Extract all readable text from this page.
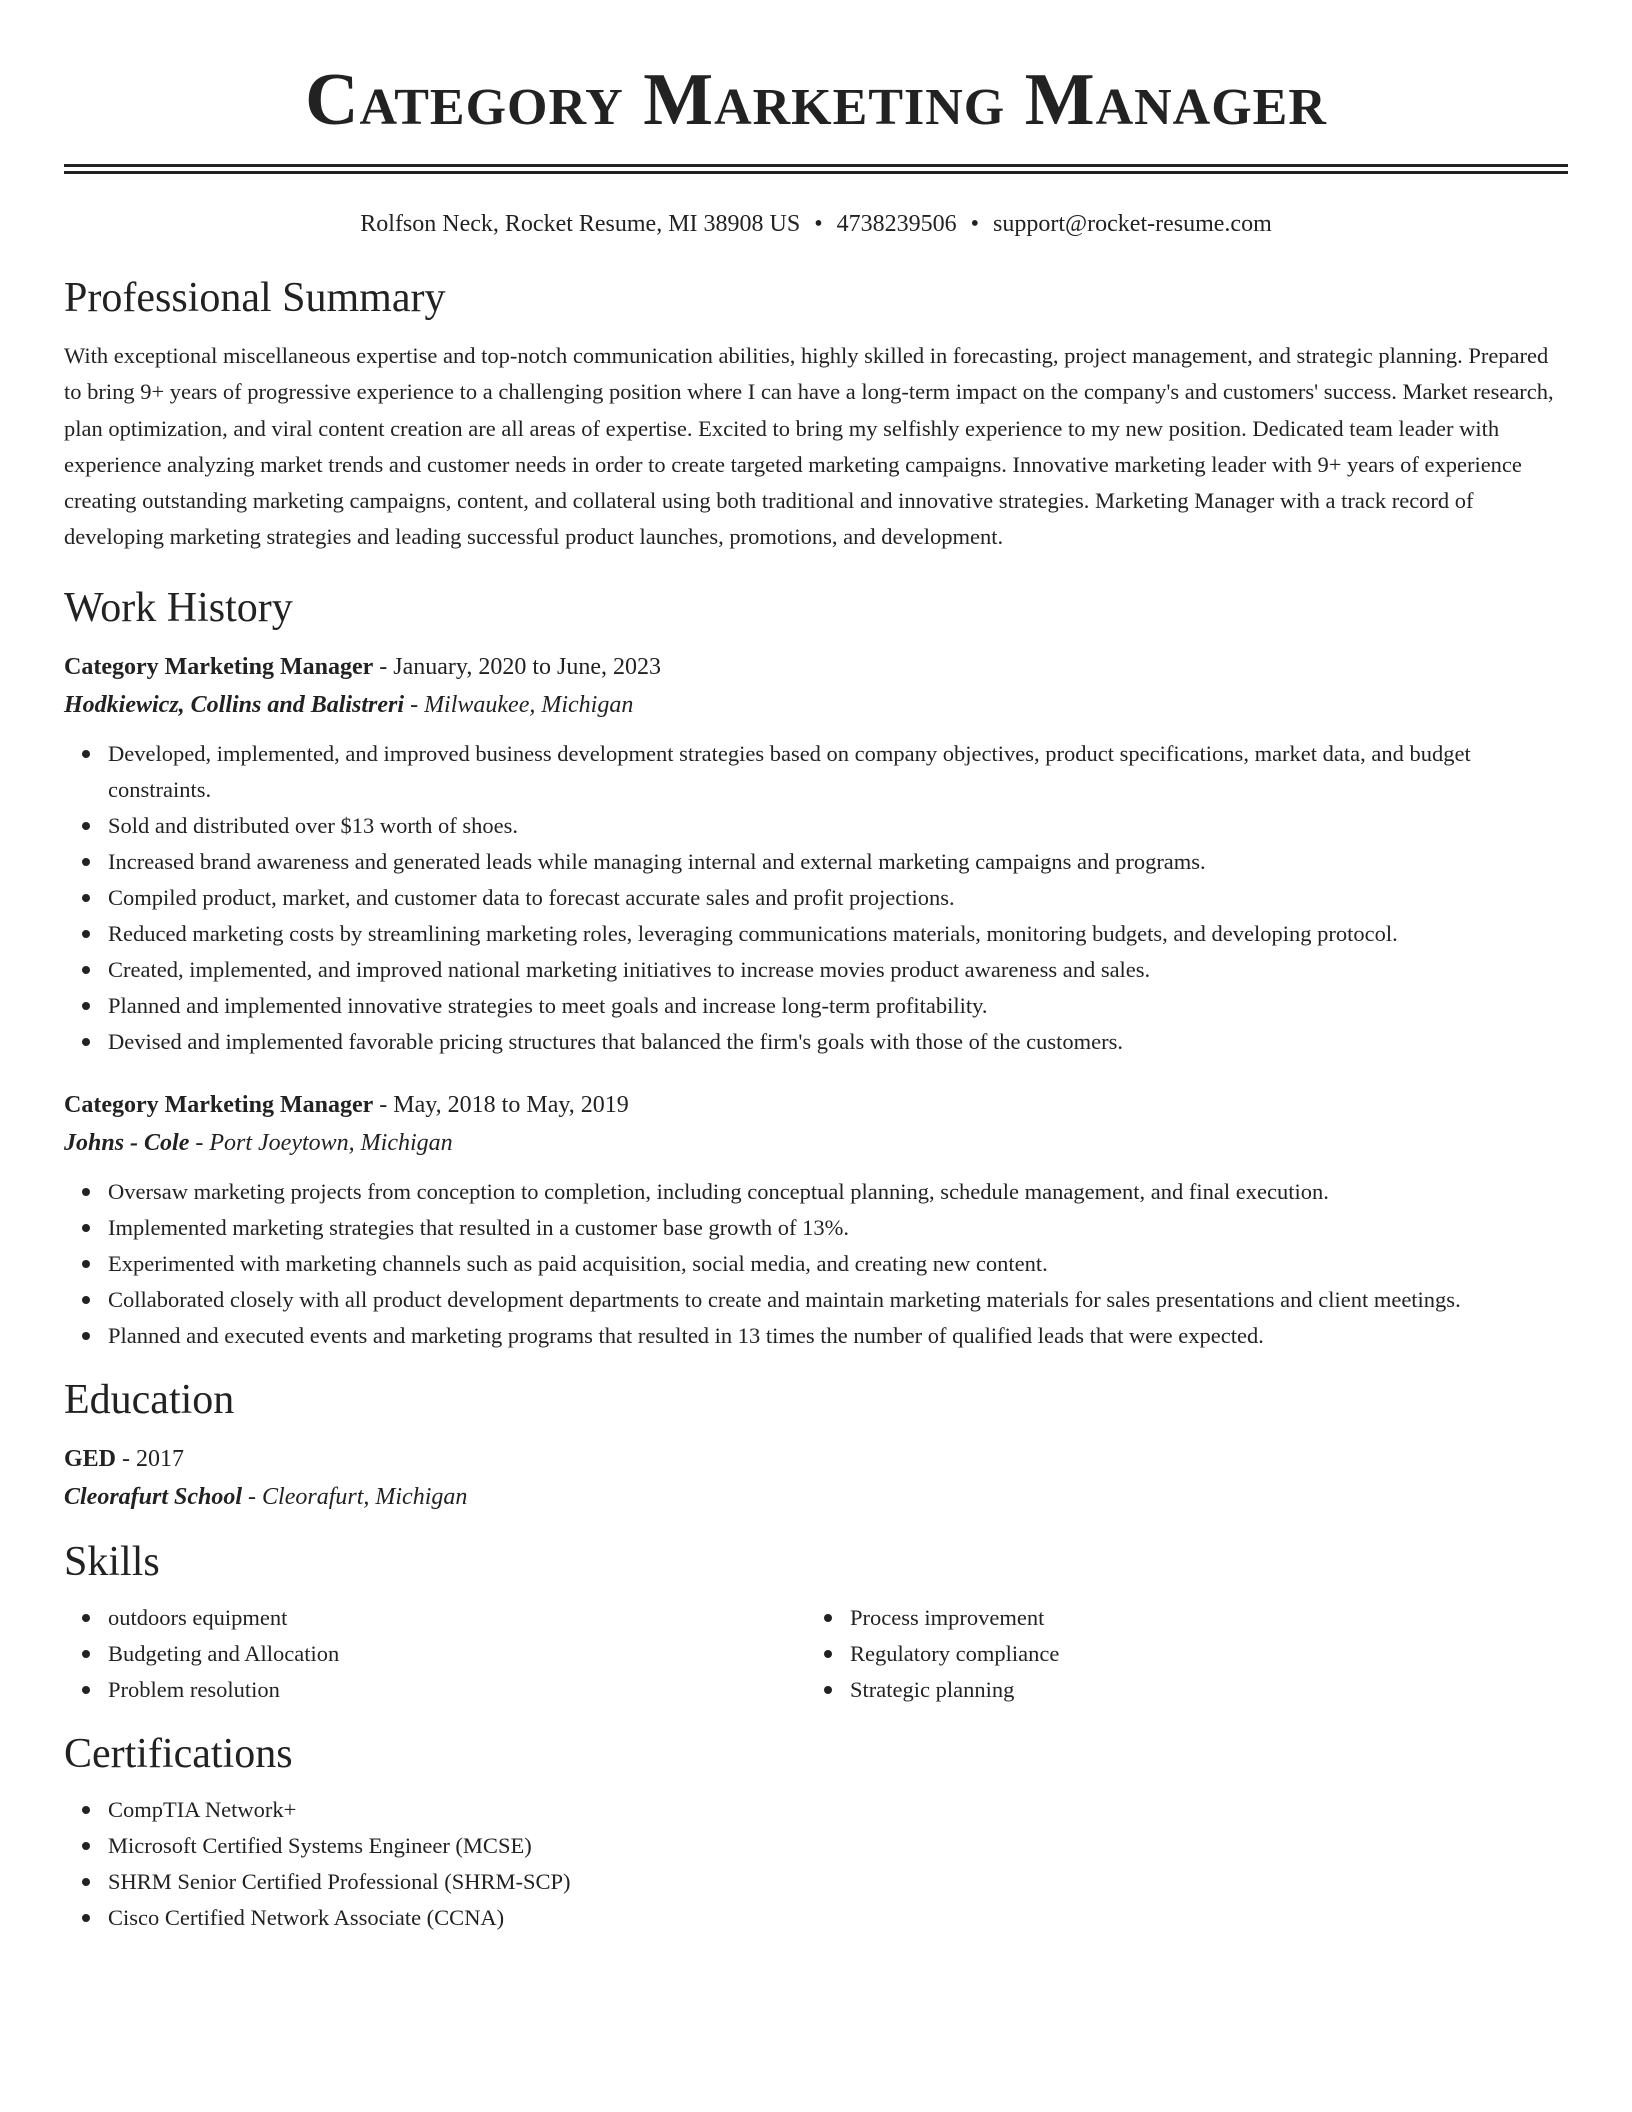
Category Marketing Manager
Rolfson Neck, Rocket Resume, MI 38908 US • 4738239506 • support@rocket-resume.com
Professional Summary

With exceptional miscellaneous expertise and top-notch communication abilities, highly skilled in forecasting, project management, and strategic planning. Prepared to bring 9+ years of progressive experience to a challenging position where I can have a long-term impact on the company's and customers' success. Market research, plan optimization, and viral content creation are all areas of expertise. Excited to bring my selfishly experience to my new position. Dedicated team leader with experience analyzing market trends and customer needs in order to create targeted marketing campaigns. Innovative marketing leader with 9+ years of experience creating outstanding marketing campaigns, content, and collateral using both traditional and innovative strategies. Marketing Manager with a track record of developing marketing strategies and leading successful product launches, promotions, and development.

Work History
Category Marketing Manager - January, 2020 to June, 2023
Hodkiewicz, Collins and Balistreri - Milwaukee, Michigan
Developed, implemented, and improved business development strategies based on company objectives, product specifications, market data, and budget constraints.
Sold and distributed over $13 worth of shoes.
Increased brand awareness and generated leads while managing internal and external marketing campaigns and programs.
Compiled product, market, and customer data to forecast accurate sales and profit projections.
Reduced marketing costs by streamlining marketing roles, leveraging communications materials, monitoring budgets, and developing protocol.
Created, implemented, and improved national marketing initiatives to increase movies product awareness and sales.
Planned and implemented innovative strategies to meet goals and increase long-term profitability.
Devised and implemented favorable pricing structures that balanced the firm's goals with those of the customers.
Category Marketing Manager - May, 2018 to May, 2019
Johns - Cole - Port Joeytown, Michigan
Oversaw marketing projects from conception to completion, including conceptual planning, schedule management, and final execution.
Implemented marketing strategies that resulted in a customer base growth of 13%.
Experimented with marketing channels such as paid acquisition, social media, and creating new content.
Collaborated closely with all product development departments to create and maintain marketing materials for sales presentations and client meetings.
Planned and executed events and marketing programs that resulted in 13 times the number of qualified leads that were expected.
Education
GED - 2017
Cleorafurt School - Cleorafurt, Michigan
Skills
outdoors equipment
Budgeting and Allocation
Problem resolution
Process improvement
Regulatory compliance
Strategic planning
Certifications
CompTIA Network+
Microsoft Certified Systems Engineer (MCSE)
SHRM Senior Certified Professional (SHRM-SCP)
Cisco Certified Network Associate (CCNA)
